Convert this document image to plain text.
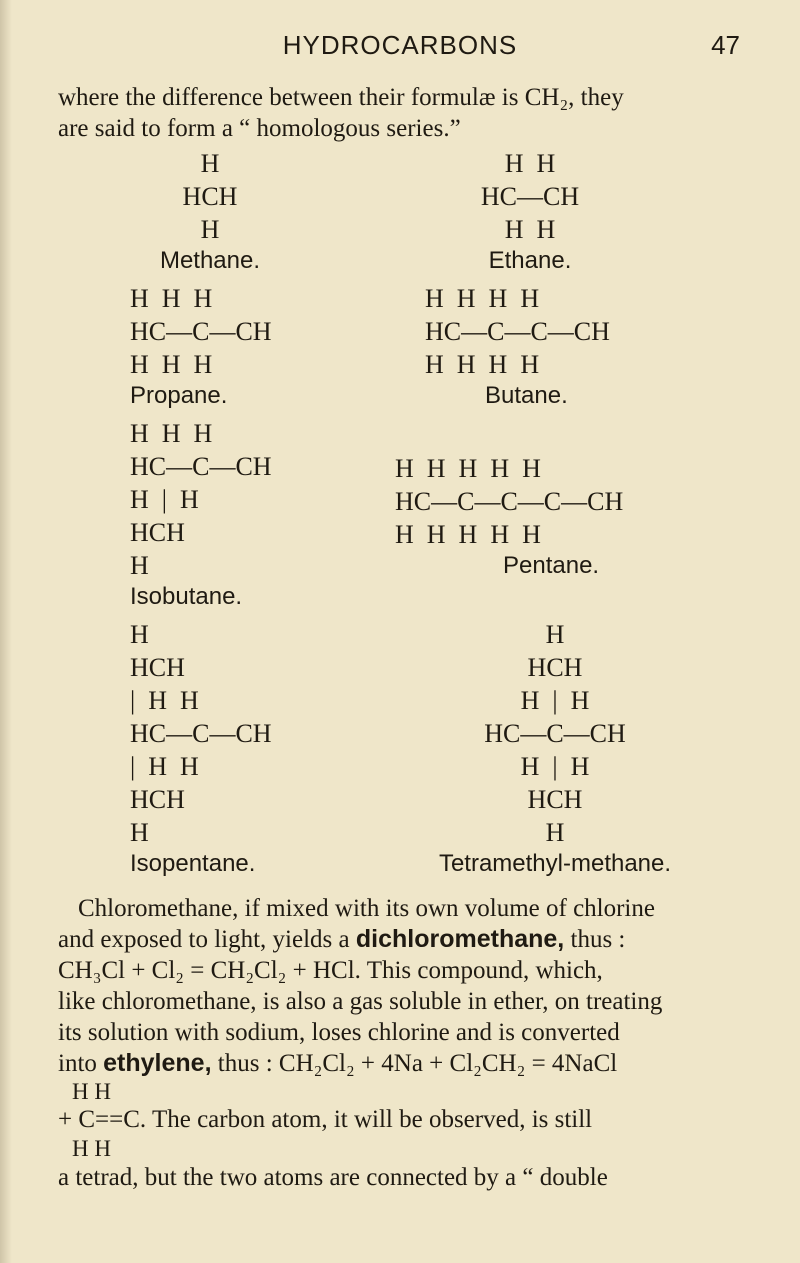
HYDROCARBONS	47
where the difference between their formulæ is CH₂, they
are said to form a “ homologous series.”
H
HCH
H
Methane.
H  H
HC—CH
H  H
Ethane.
H  H  H
HC—C—CH
H  H  H
Propane.
H  H  H  H
HC—C—C—CH
H  H  H  H
Butane.
H  H  H
HC—C—CH
H  |  H
HCH
H
Isobutane.
H  H  H  H  H
HC—C—C—C—CH
H  H  H  H  H
Pentane.
H
HCH
|  H  H
HC—C—CH
|  H  H
HCH
H
Isopentane.
H
HCH
H  |  H
HC—C—CH
H  |  H
HCH
H
Tetramethyl-methane.
Chloromethane, if mixed with its own volume of chlorine
and exposed to light, yields a dichloromethane, thus :
CH₃Cl + Cl₂ = CH₂Cl₂ + HCl. This compound, which,
like chloromethane, is also a gas soluble in ether, on treating
its solution with sodium, loses chlorine and is converted
into ethylene, thus : CH₂Cl₂ + 4Na + Cl₂CH₂ = 4NaCl
H H
+ C==C. The carbon atom, it will be observed, is still
H H
a tetrad, but the two atoms are connected by a “ double
